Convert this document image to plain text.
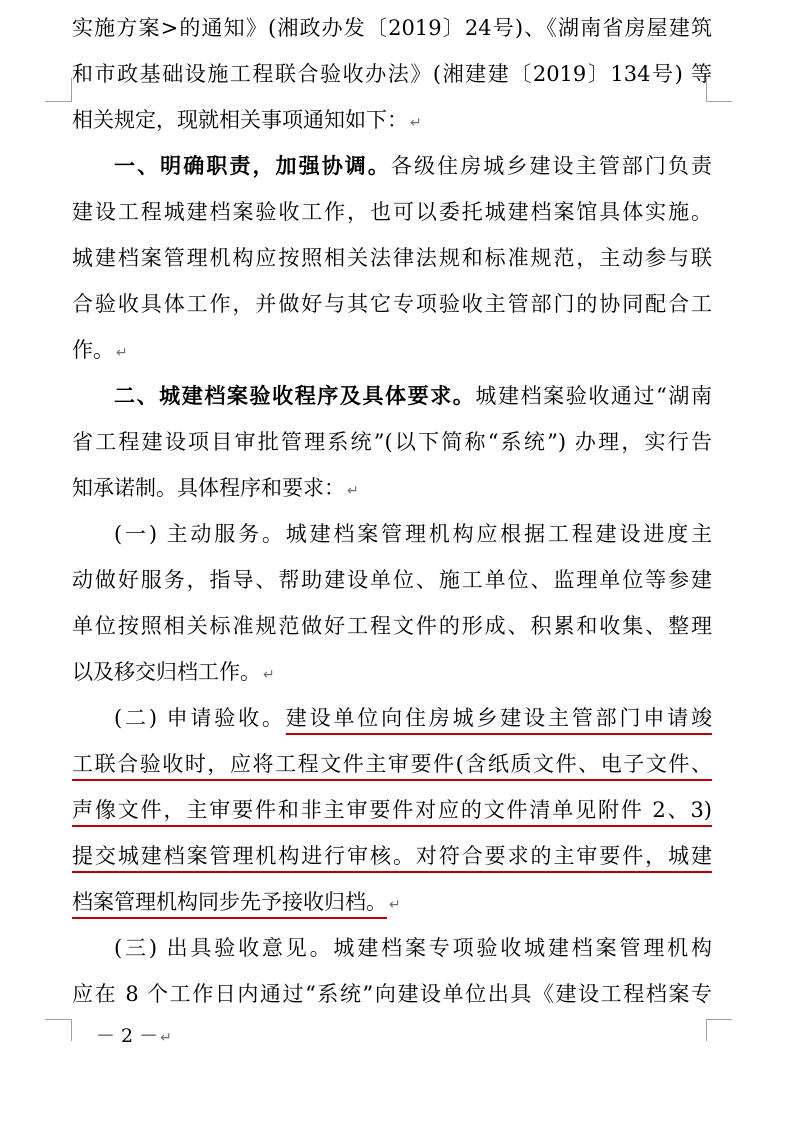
实施方案>的通知》(湘政办发〔2019〕24号)、《湖南省房屋建筑
和市政基础设施工程联合验收办法》(湘建建〔2019〕134号) 等
相关规定，现就相关事项通知如下： ↵
一、明确职责，加强协调。各级住房城乡建设主管部门负责
建设工程城建档案验收工作，也可以委托城建档案馆具体实施。
城建档案管理机构应按照相关法律法规和标准规范，主动参与联
合验收具体工作，并做好与其它专项验收主管部门的协同配合工
作。 ↵
二、城建档案验收程序及具体要求。城建档案验收通过“湖南
省工程建设项目审批管理系统”(以下简称“系统”) 办理，实行告
知承诺制。具体程序和要求： ↵
(一) 主动服务。城建档案管理机构应根据工程建设进度主
动做好服务，指导、帮助建设单位、施工单位、监理单位等参建
单位按照相关标准规范做好工程文件的形成、积累和收集、整理
以及移交归档工作。 ↵
(二) 申请验收。建设单位向住房城乡建设主管部门申请竣
工联合验收时，应将工程文件主审要件(含纸质文件、电子文件、
声像文件，主审要件和非主审要件对应的文件清单见附件 2、3)
提交城建档案管理机构进行审核。对符合要求的主审要件，城建
档案管理机构同步先予接收归档。 ↵
(三) 出具验收意见。城建档案专项验收城建档案管理机构
应在 8 个工作日内通过“系统”向建设单位出具《建设工程档案专
－ 2 － ↵
